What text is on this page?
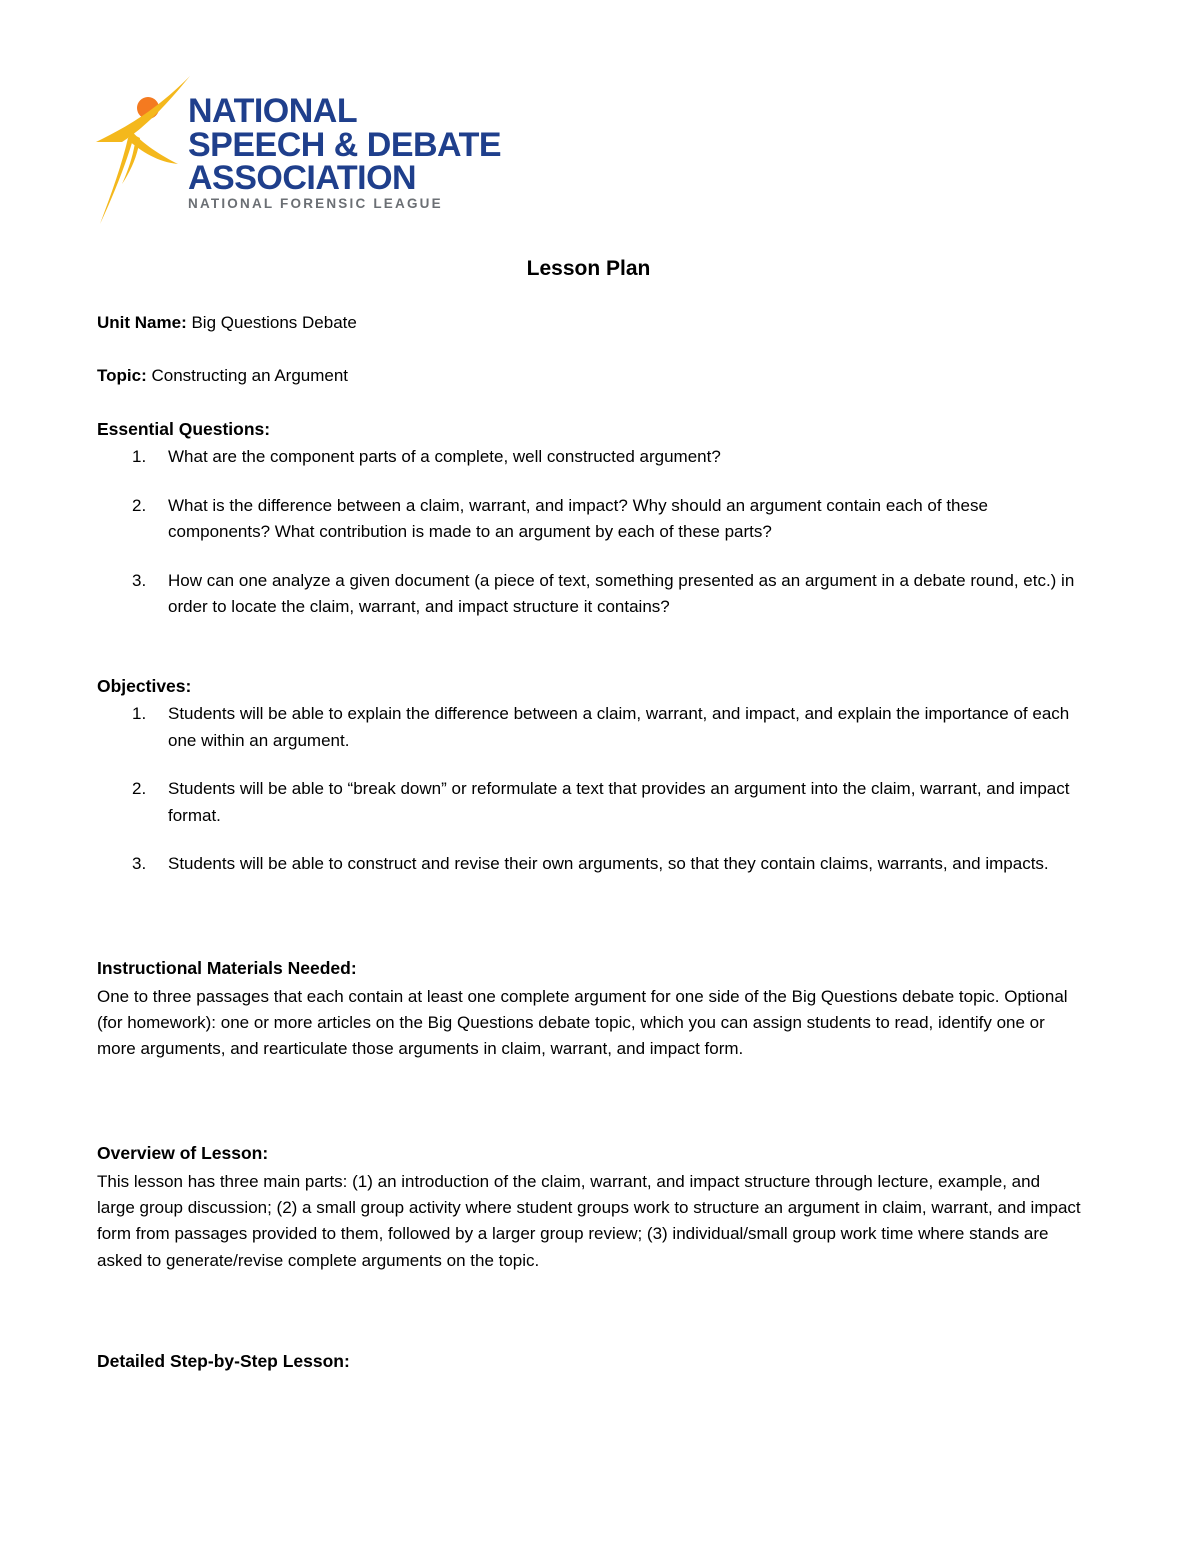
NATIONAL
SPEECH & DEBATE
ASSOCIATION
NATIONAL FORENSIC LEAGUE
Lesson Plan
Unit Name: Big Questions Debate
Topic: Constructing an Argument
Essential Questions:
1. What are the component parts of a complete, well constructed argument?
2. What is the difference between a claim, warrant, and impact? Why should an argument contain each of these components? What contribution is made to an argument by each of these parts?
3. How can one analyze a given document (a piece of text, something presented as an argument in a debate round, etc.) in order to locate the claim, warrant, and impact structure it contains?
Objectives:
1. Students will be able to explain the difference between a claim, warrant, and impact, and explain the importance of each one within an argument.
2. Students will be able to “break down” or reformulate a text that provides an argument into the claim, warrant, and impact format.
3. Students will be able to construct and revise their own arguments, so that they contain claims, warrants, and impacts.
Instructional Materials Needed:

One to three passages that each contain at least one complete argument for one side of the Big Questions debate topic. Optional (for homework): one or more articles on the Big Questions debate topic, which you can assign students to read, identify one or more arguments, and rearticulate those arguments in claim, warrant, and impact form.

Overview of Lesson:

This lesson has three main parts: (1) an introduction of the claim, warrant, and impact structure through lecture, example, and large group discussion; (2) a small group activity where student groups work to structure an argument in claim, warrant, and impact form from passages provided to them, followed by a larger group review; (3) individual/small group work time where stands are asked to generate/revise complete arguments on the topic.

Detailed Step-by-Step Lesson:
